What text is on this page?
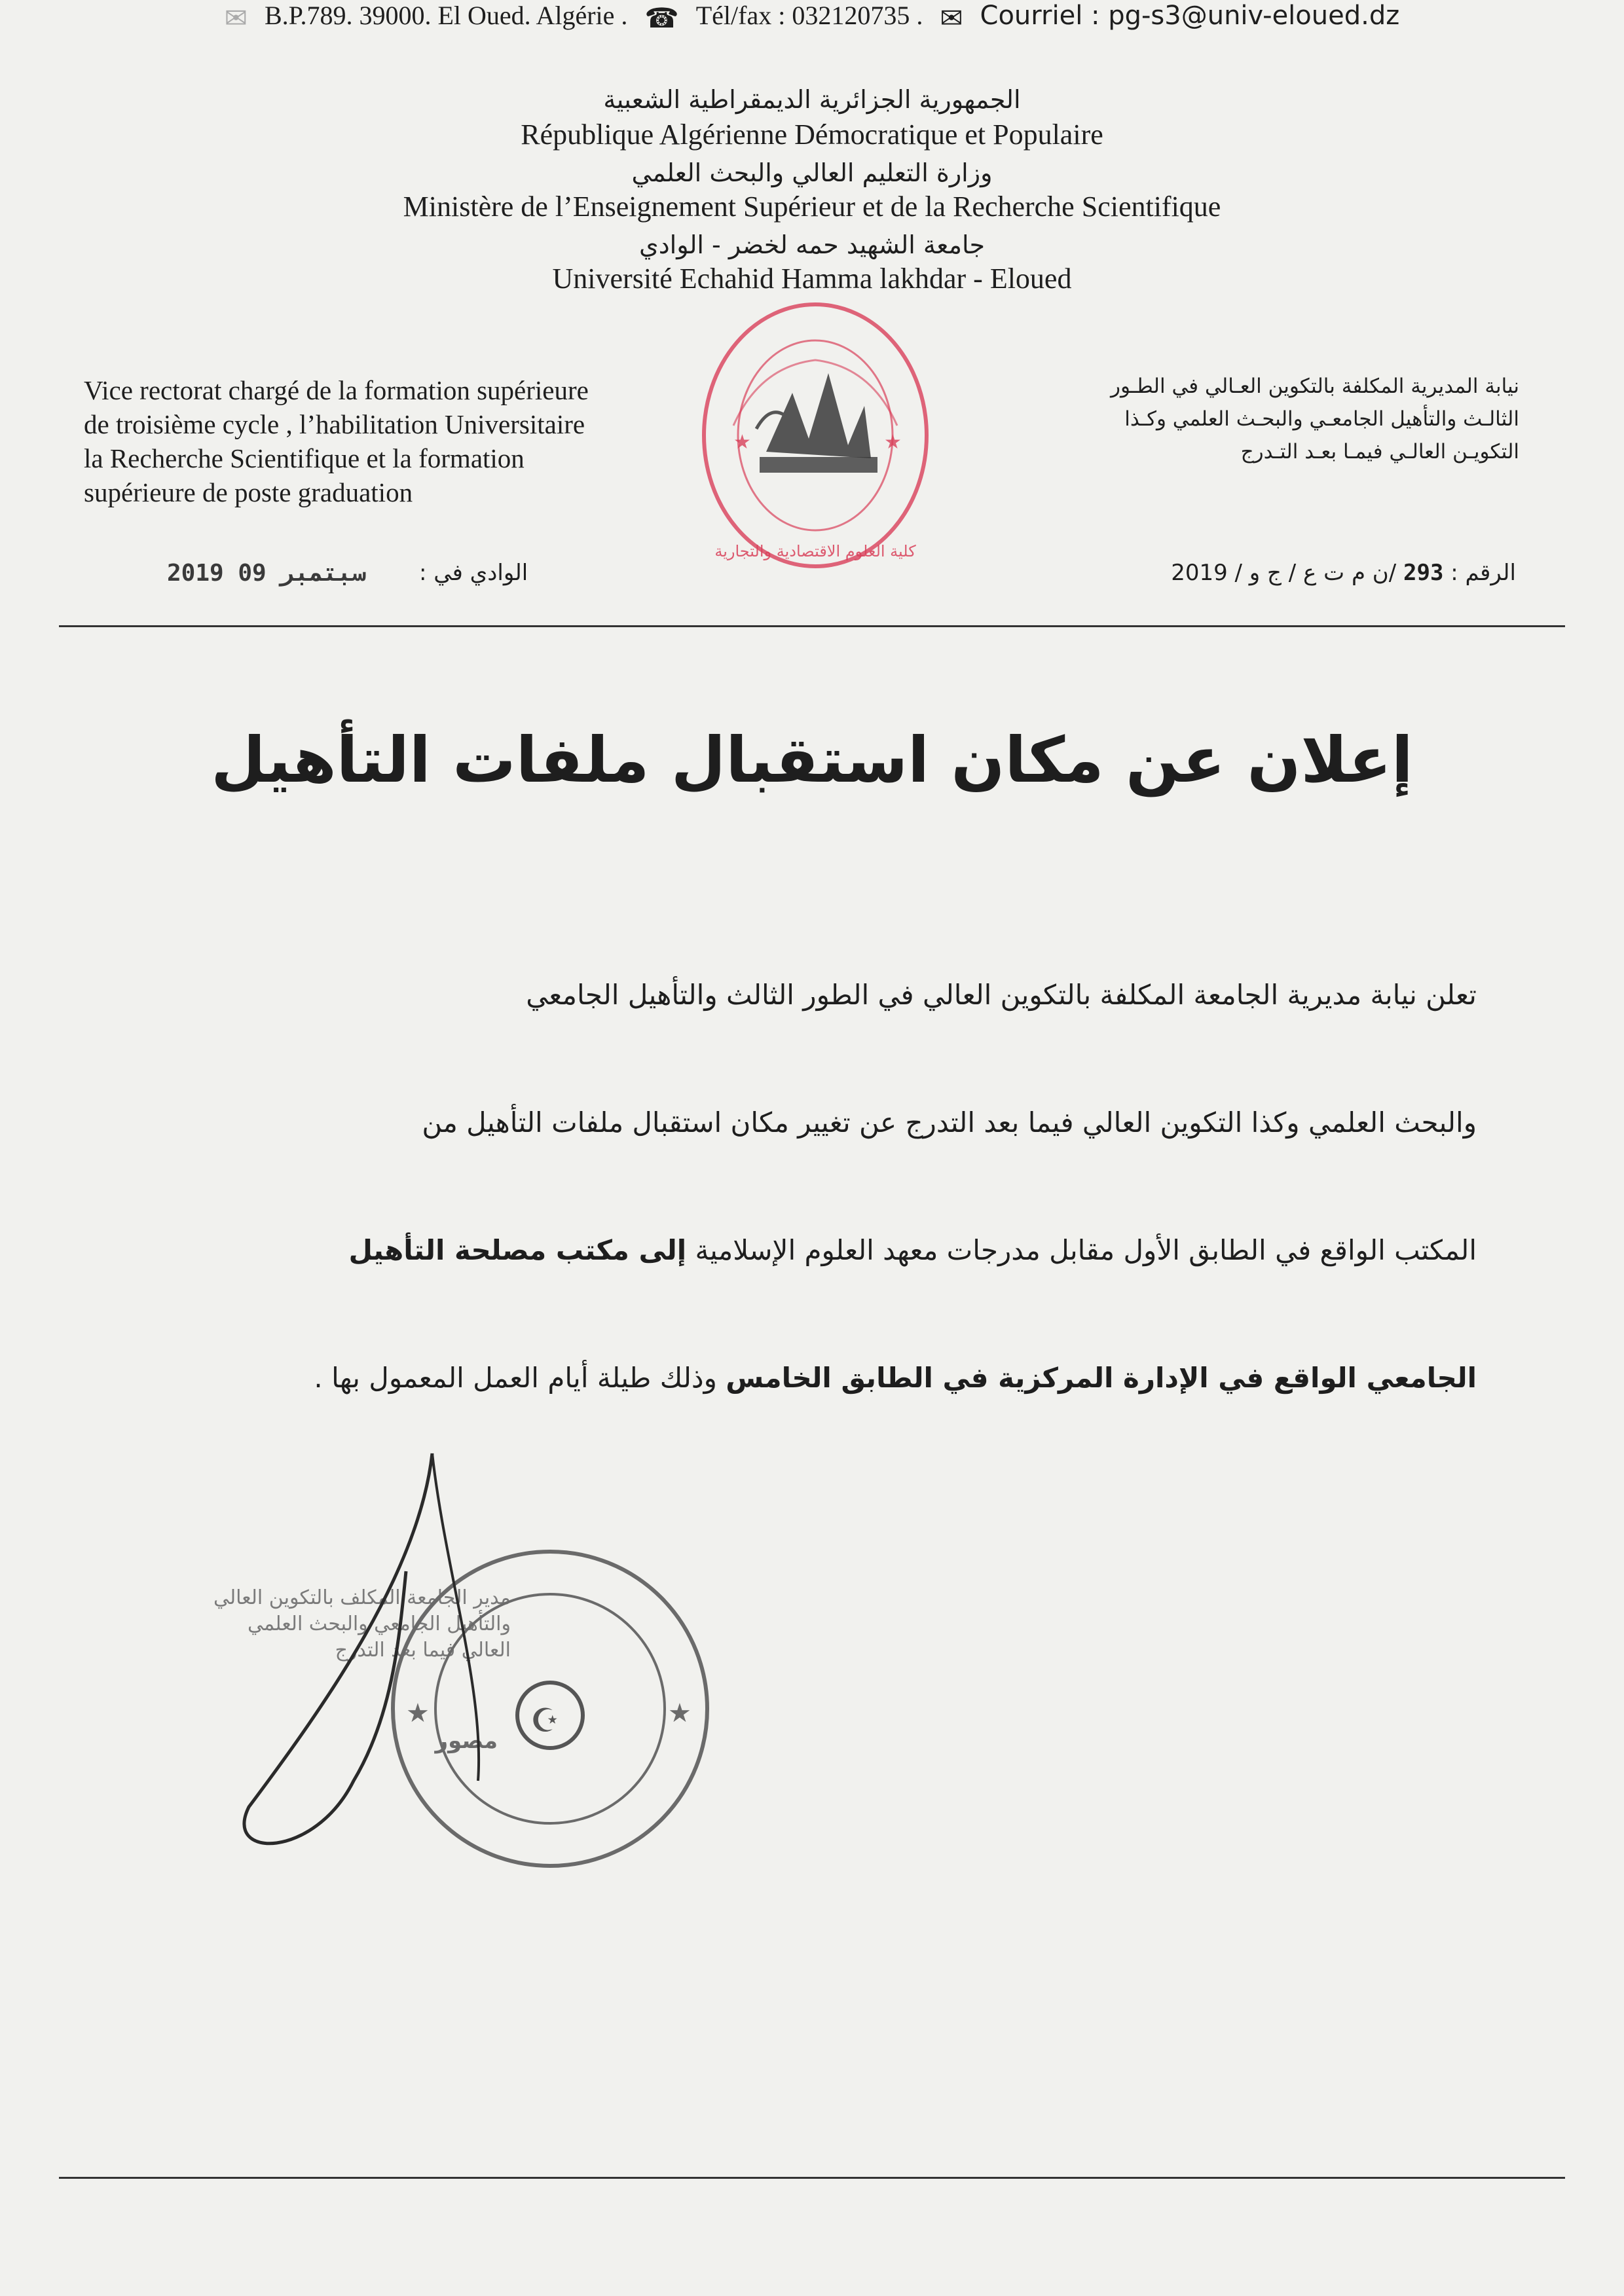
الجمهورية الجزائرية الديمقراطية الشعبية
République Algérienne Démocratique et Populaire
وزارة التعليم العالي والبحث العلمي
Ministère de l’Enseignement Supérieur et de la Recherche Scientifique
جامعة الشهيد حمه لخضر - الوادي
Université Echahid Hamma lakhdar - Eloued
Vice rectorat chargé de la formation supérieure
de troisième cycle , l’habilitation Universitaire
la Recherche Scientifique et la formation
supérieure de poste graduation
نيابة المديرية المكلفة بالتكوين العـالي في الطـور
الثالـث والتأهيل الجامعـي والبحـث العلمي وكـذا
التكويـن العالـي فيمـا بعـد التـدرج
كلية العلوم الاقتصادية والتجارية
★	★
الرقم : 293 /ن م ت ع / ج و / 2019
الوادي في :
2019 سبتمبر 09
إعلان عن مكان استقبال ملفات التأهيل
تعلن نيابة مديرية الجامعة المكلفة بالتكوين العالي في الطور الثالث والتأهيل الجامعي
والبحث العلمي وكذا التكوين العالي فيما بعد التدرج عن تغيير مكان استقبال ملفات التأهيل من
المكتب الواقع في الطابق الأول مقابل مدرجات معهد العلوم الإسلامية إلى مكتب مصلحة التأهيل
الجامعي الواقع في الإدارة المركزية في الطابق الخامس وذلك طيلة أيام العمل المعمول بها .
مدير الجامعة المكلف بالتكوين العالي
والتأهيل الجامعي والبحث العلمي
العالي فيما بعد التدرج
مصور
☪
★	★
✉ B.P.789. 39000. El Oued. Algérie . ☎ Tél/fax : 032120735 . ✉ Courriel : pg-s3@univ-eloued.dz
